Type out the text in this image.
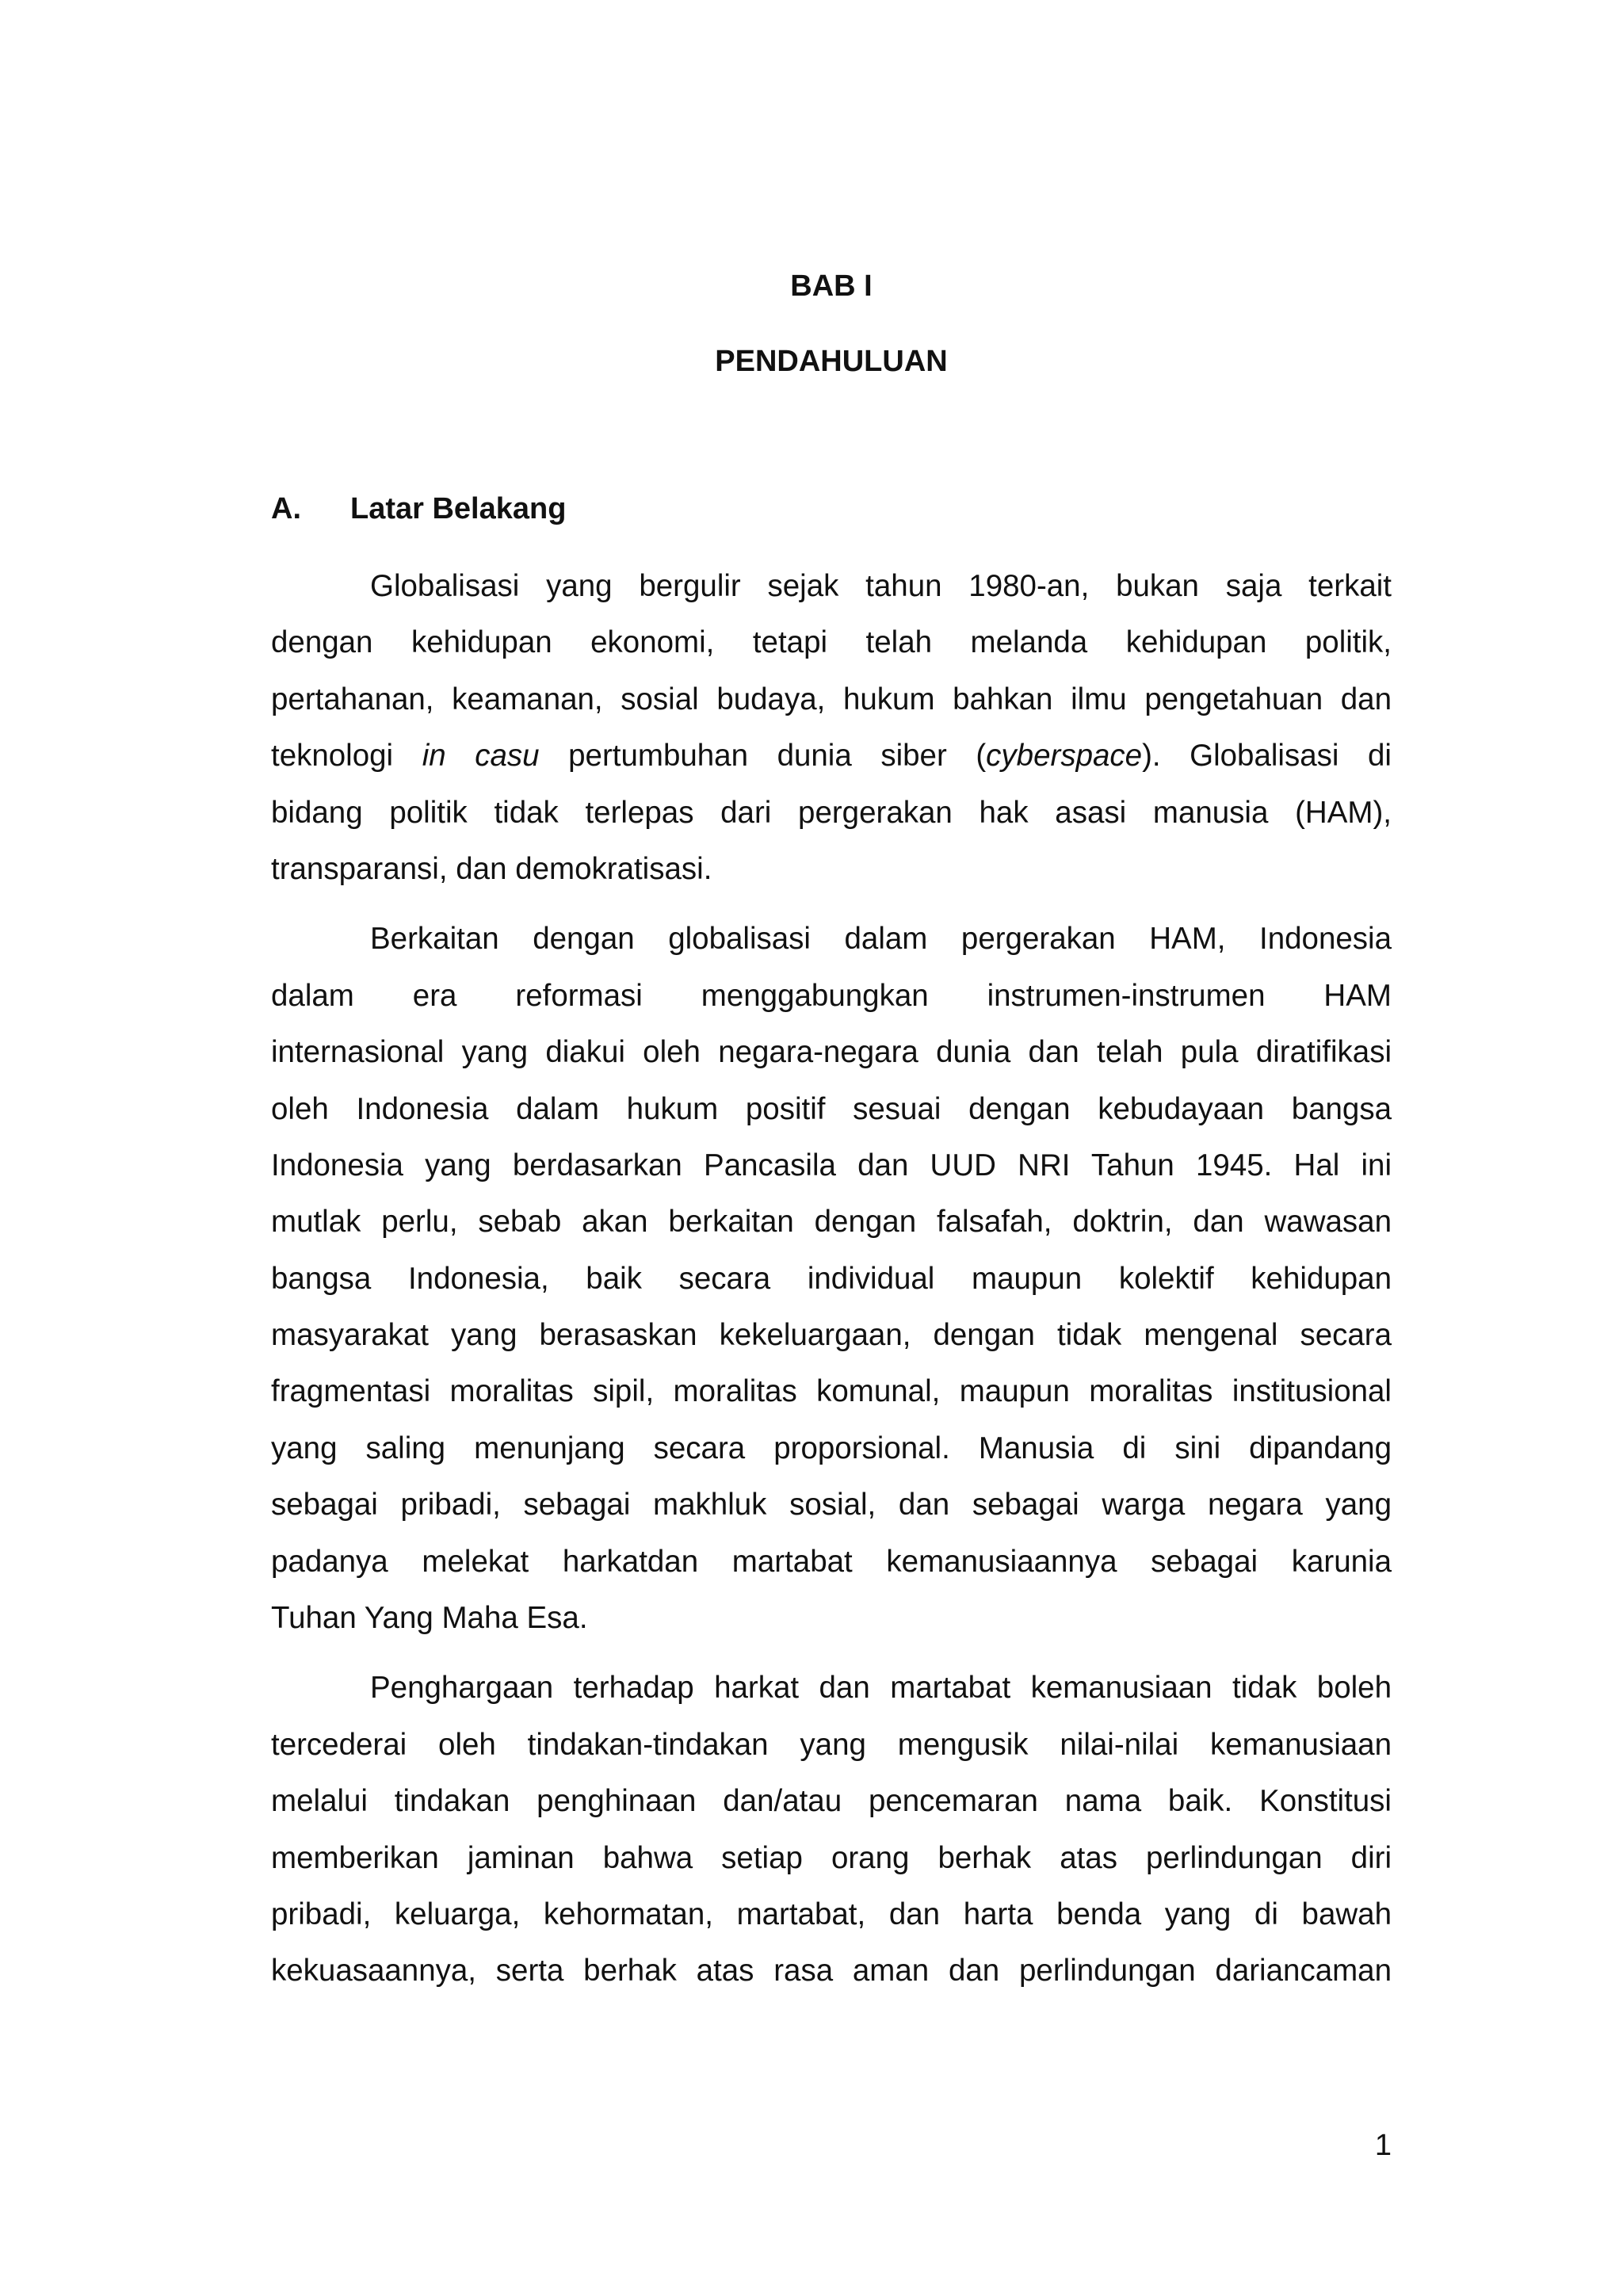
BAB I
PENDAHULUAN
A. Latar Belakang
Globalisasi yang bergulir sejak tahun 1980-an, bukan saja terkait
dengan kehidupan ekonomi, tetapi telah melanda kehidupan politik,
pertahanan, keamanan, sosial budaya, hukum bahkan ilmu pengetahuan dan
teknologi in casu pertumbuhan dunia siber (cyberspace). Globalisasi di
bidang politik tidak terlepas dari pergerakan hak asasi manusia (HAM),
transparansi, dan demokratisasi.
Berkaitan dengan globalisasi dalam pergerakan HAM, Indonesia
dalam era reformasi menggabungkan instrumen-instrumen HAM
internasional yang diakui oleh negara-negara dunia dan telah pula diratifikasi
oleh Indonesia dalam hukum positif sesuai dengan kebudayaan bangsa
Indonesia yang berdasarkan Pancasila dan UUD NRI Tahun 1945. Hal ini
mutlak perlu, sebab akan berkaitan dengan falsafah, doktrin, dan wawasan
bangsa Indonesia, baik secara individual maupun kolektif kehidupan
masyarakat yang berasaskan kekeluargaan, dengan tidak mengenal secara
fragmentasi moralitas sipil, moralitas komunal, maupun moralitas institusional
yang saling menunjang secara proporsional. Manusia di sini dipandang
sebagai pribadi, sebagai makhluk sosial, dan sebagai warga negara yang
padanya melekat harkatdan martabat kemanusiaannya sebagai karunia
Tuhan Yang Maha Esa.
Penghargaan terhadap harkat dan martabat kemanusiaan tidak boleh
tercederai oleh tindakan-tindakan yang mengusik nilai-nilai kemanusiaan
melalui tindakan penghinaan dan/atau pencemaran nama baik. Konstitusi
memberikan jaminan bahwa setiap orang berhak atas perlindungan diri
pribadi, keluarga, kehormatan, martabat, dan harta benda yang di bawah
kekuasaannya, serta berhak atas rasa aman dan perlindungan dariancaman
1
